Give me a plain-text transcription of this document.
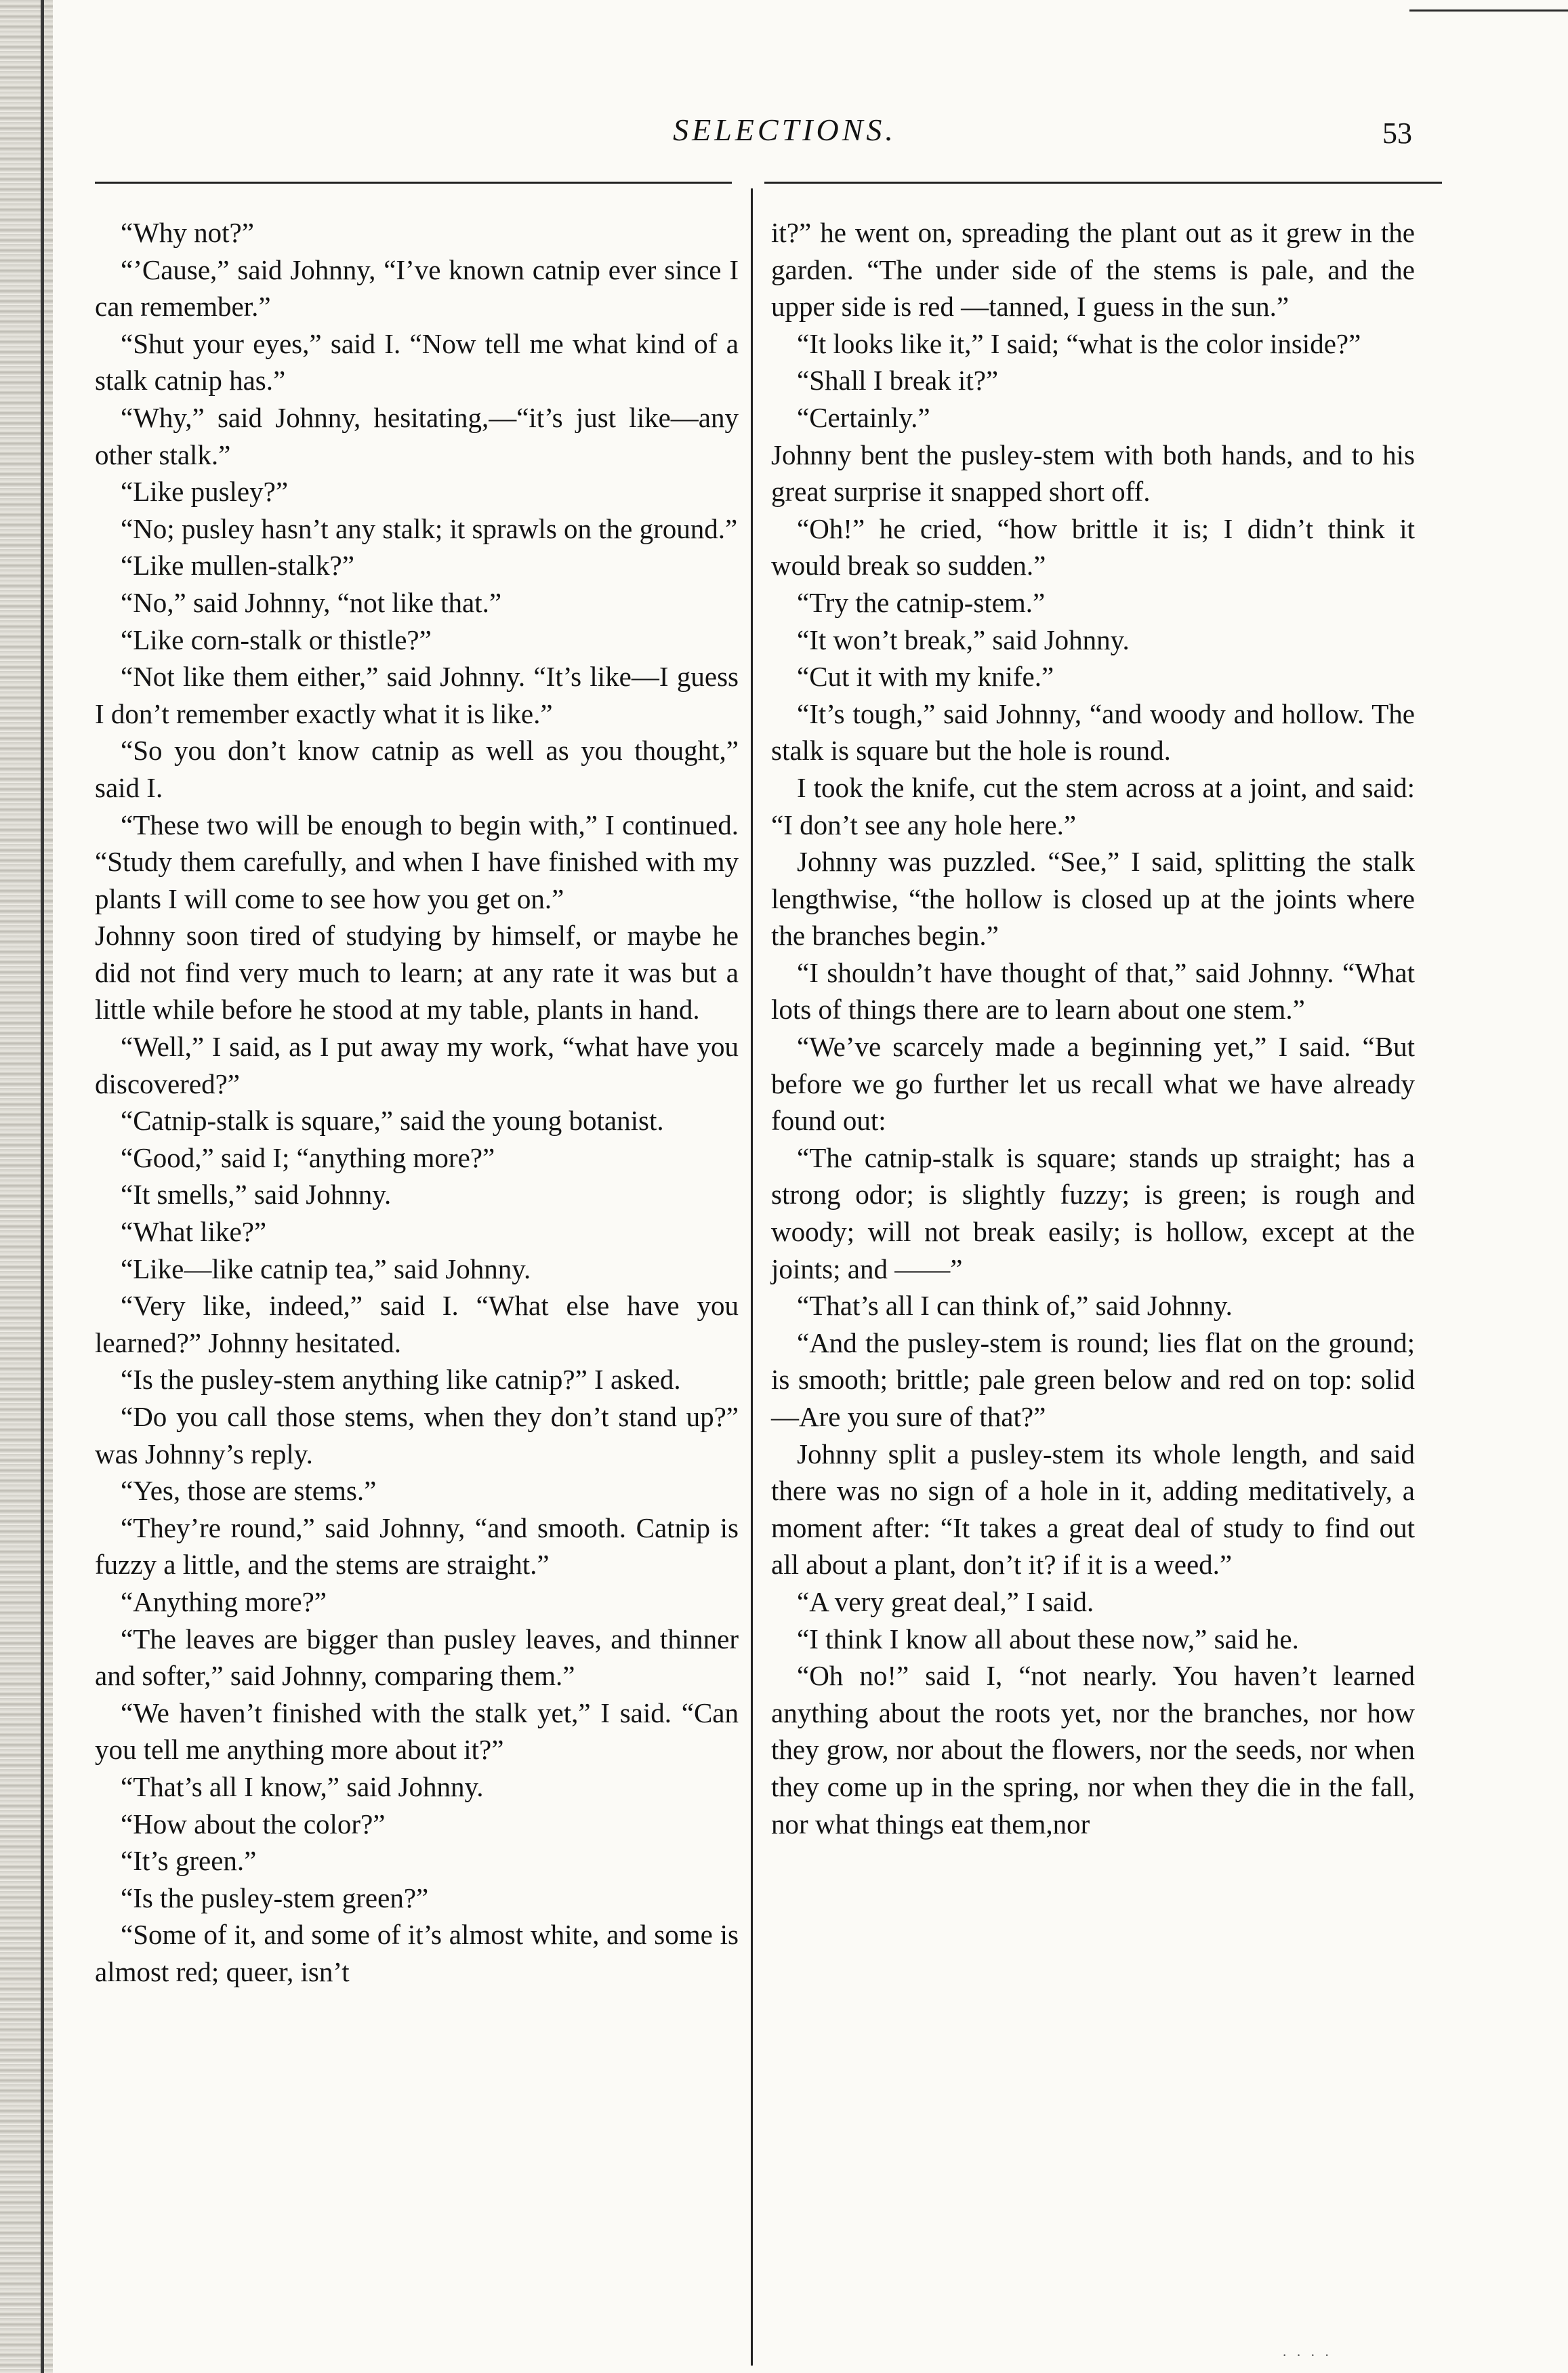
SELECTIONS.	53

“Why not?”

“’Cause,” said Johnny, “I’ve known catnip ever since I can remember.”

“Shut your eyes,” said I. “Now tell me what kind of a stalk catnip has.”

“Why,” said Johnny, hesitating,—“it’s just like—any other stalk.”

“Like pusley?”

“No; pusley hasn’t any stalk; it sprawls on the ground.”

“Like mullen-stalk?”

“No,” said Johnny, “not like that.”

“Like corn-stalk or thistle?”

“Not like them either,” said Johnny. “It’s like—I guess I don’t remember exactly what it is like.”

“So you don’t know catnip as well as you thought,” said I.

“These two will be enough to begin with,” I continued. “Study them carefully, and when I have finished with my plants I will come to see how you get on.”

Johnny soon tired of studying by himself, or maybe he did not find very much to learn; at any rate it was but a little while before he stood at my table, plants in hand.

“Well,” I said, as I put away my work, “what have you discovered?”

“Catnip-stalk is square,” said the young botanist.

“Good,” said I; “anything more?”

“It smells,” said Johnny.

“What like?”

“Like—like catnip tea,” said Johnny.

“Very like, indeed,” said I. “What else have you learned?” Johnny hesitated.

“Is the pusley-stem anything like catnip?” I asked.

“Do you call those stems, when they don’t stand up?” was Johnny’s reply.

“Yes, those are stems.”

“They’re round,” said Johnny, “and smooth. Catnip is fuzzy a little, and the stems are straight.”

“Anything more?”

“The leaves are bigger than pusley leaves, and thinner and softer,” said Johnny, comparing them.”

“We haven’t finished with the stalk yet,” I said. “Can you tell me anything more about it?”

“That’s all I know,” said Johnny.

“How about the color?”

“It’s green.”

“Is the pusley-stem green?”

“Some of it, and some of it’s almost white, and some is almost red; queer, isn’t

it?” he went on, spreading the plant out as it grew in the garden. “The under side of the stems is pale, and the upper side is red —tanned, I guess in the sun.”

“It looks like it,” I said; “what is the color inside?”

“Shall I break it?”

“Certainly.”

Johnny bent the pusley-stem with both hands, and to his great surprise it snapped short off.

“Oh!” he cried, “how brittle it is; I didn’t think it would break so sudden.”

“Try the catnip-stem.”

“It won’t break,” said Johnny.

“Cut it with my knife.”

“It’s tough,” said Johnny, “and woody and hollow. The stalk is square but the hole is round.

I took the knife, cut the stem across at a joint, and said: “I don’t see any hole here.”

Johnny was puzzled. “See,” I said, splitting the stalk lengthwise, “the hollow is closed up at the joints where the branches begin.”

“I shouldn’t have thought of that,” said Johnny. “What lots of things there are to learn about one stem.”

“We’ve scarcely made a beginning yet,” I said. “But before we go further let us recall what we have already found out:

“The catnip-stalk is square; stands up straight; has a strong odor; is slightly fuzzy; is green; is rough and woody; will not break easily; is hollow, except at the joints; and ——”

“That’s all I can think of,” said Johnny.

“And the pusley-stem is round; lies flat on the ground; is smooth; brittle; pale green below and red on top: solid—Are you sure of that?”

Johnny split a pusley-stem its whole length, and said there was no sign of a hole in it, adding meditatively, a moment after: “It takes a great deal of study to find out all about a plant, don’t it? if it is a weed.”

“A very great deal,” I said.

“I think I know all about these now,” said he.

“Oh no!” said I, “not nearly. You haven’t learned anything about the roots yet, nor the branches, nor how they grow, nor about the flowers, nor the seeds, nor when they come up in the spring, nor when they die in the fall, nor what things eat them,nor

· · · ·
